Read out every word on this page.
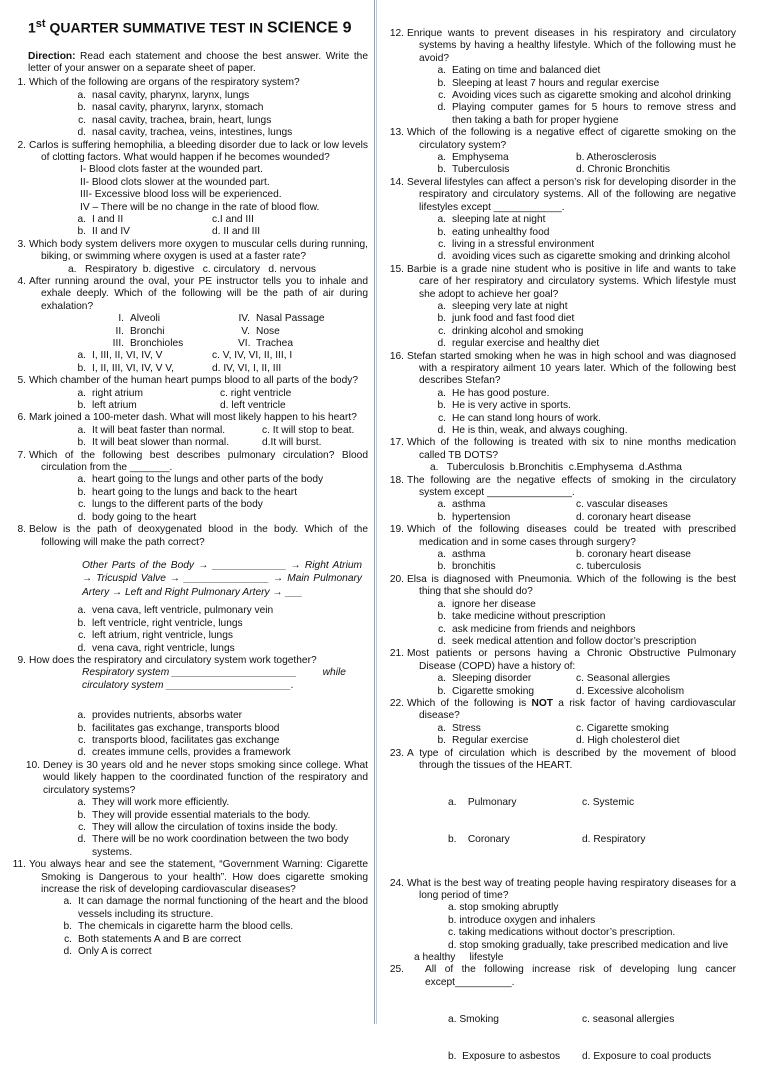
1st QUARTER SUMMATIVE TEST IN SCIENCE 9
Direction: Read each statement and choose the best answer. Write the letter of your answer on a separate sheet of paper.
1. Which of the following are organs of the respiratory system?
a. nasal cavity, pharynx, larynx, lungs
b. nasal cavity, pharynx, larynx, stomach
c. nasal cavity, trachea, brain, heart, lungs
d. nasal cavity, trachea, veins, intestines, lungs
2. Carlos is suffering hemophilia, a bleeding disorder due to lack or low levels of clotting factors. What would happen if he becomes wounded?
I- Blood clots faster at the wounded part.
II- Blood clots slower at the wounded part.
III- Excessive blood loss will be experienced.
IV – There will be no change in the rate of blood flow.
a. I and II	c.I and III
b. II and IV	d. II and III
3. Which body system delivers more oxygen to muscular cells during running, biking, or swimming where oxygen is used at a faster rate?
a.   Respiratory  b. digestive   c. circulatory   d. nervous
4. After running around the oval, your PE instructor tells you to inhale and exhale deeply. Which of the following will be the path of air during exhalation?
I. Alveoli	IV. Nasal Passage
II. Bronchi	V. Nose
III. Bronchioles	VI. Trachea
a. I, III, II, VI, IV, V	c. V, IV, VI, II, III, I
b. I, II, III, VI, IV, V V,	d. IV, VI, I, II, III
5. Which chamber of the human heart pumps blood to all parts of the body?
a. right atrium	c. right ventricle
b. left atrium	d. left ventricle
6. Mark joined a 100-meter dash. What will most likely happen to his heart?
a. It will beat faster than normal.	c. It will stop to beat.
b. It will beat slower than normal.	d.It will burst.
7. Which of the following best describes pulmonary circulation? Blood circulation from the _______.
a. heart going to the lungs and other parts of the body
b. heart going to the lungs and back to the heart
c. lungs to the different parts of the body
d. body going to the heart
8. Below is the path of deoxygenated blood in the body. Which of the following will make the path correct?
Other Parts of the Body → _____________ → Right Atrium → Tricuspid Valve → _______________ → Main Pulmonary Artery → Left and Right Pulmonary Artery → ___
a. vena cava, left ventricle, pulmonary vein
b. left ventricle, right ventricle, lungs
c. left atrium, right ventricle, lungs
d. vena cava, right ventricle, lungs
9. How does the respiratory and circulatory system work together?
Respiratory system ______________________	while
circulatory system ______________________.
a. provides nutrients, absorbs water
b. facilitates gas exchange, transports blood
c. transports blood, facilitates gas exchange
d. creates immune cells, provides a framework
10. Deney is 30 years old and he never stops smoking since college. What would likely happen to the coordinated function of the respiratory and circulatory systems?
a. They will work more efficiently.
b. They will provide essential materials to the body.
c. They will allow the circulation of toxins inside the body.
d. There will be no work coordination between the two body systems.
11. You always hear and see the statement, “Government Warning: Cigarette Smoking is Dangerous to your health”. How does cigarette smoking increase the risk of developing cardiovascular diseases?
a. It can damage the normal functioning of the heart and the blood vessels including its structure.
b. The chemicals in cigarette harm the blood cells.
c. Both statements A and B are correct
d. Only A is correct
12. Enrique wants to prevent diseases in his respiratory and circulatory systems by having a healthy lifestyle. Which of the following must he avoid?
a. Eating on time and balanced diet
b. Sleeping at least 7 hours and regular exercise
c. Avoiding vices such as cigarette smoking and alcohol drinking
d. Playing computer games for 5 hours to remove stress and then taking a bath for proper hygiene
13. Which of the following is a negative effect of cigarette smoking on the circulatory system?
a. Emphysema	b. Atherosclerosis
b. Tuberculosis	d. Chronic Bronchitis
14. Several lifestyles can affect a person’s risk for developing disorder in the respiratory and circulatory systems. All of the following are negative lifestyles except ____________.
a. sleeping late at night
b. eating unhealthy food
c. living in a stressful environment
d. avoiding vices such as cigarette smoking and drinking alcohol
15. Barbie is a grade nine student who is positive in life and wants to take care of her respiratory and circulatory systems. Which lifestyle must she adopt to achieve her goal?
a. sleeping very late at night
b. junk food and fast food diet
c. drinking alcohol and smoking
d. regular exercise and healthy diet
16. Stefan started smoking when he was in high school and was diagnosed with a respiratory ailment 10 years later. Which of the following best describes Stefan?
a. He has good posture.
b. He is very active in sports.
c. He can stand long hours of work.
d. He is thin, weak, and always coughing.
17. Which of the following is treated with six to nine months medication called TB DOTS?
a.   Tuberculosis  b.Bronchitis  c.Emphysema  d.Asthma
18. The following are the negative effects of smoking in the circulatory system except _______________.
a. asthma	c. vascular diseases
b. hypertension	d. coronary heart disease
19. Which of the following diseases could be treated with prescribed medication and in some cases through surgery?
a. asthma	b. coronary heart disease
b. bronchitis	c. tuberculosis
20. Elsa is diagnosed with Pneumonia. Which of the following is the best thing that she should do?
a. ignore her disease
b. take medicine without prescription
c. ask medicine from friends and neighbors
d. seek medical attention and follow doctor’s prescription
21. Most patients or persons having a Chronic Obstructive Pulmonary Disease (COPD) have a history of:
a. Sleeping disorder	c. Seasonal allergies
b. Cigarette smoking	d. Excessive alcoholism
22. Which of the following is NOT a risk factor of having cardiovascular disease?
a. Stress	c. Cigarette smoking
b. Regular exercise	d. High cholesterol diet
23. A type of circulation which is described by the movement of blood through the tissues of the HEART.

a.    Pulmonary	c. Systemic

b.    Coronary	d. Respiratory

24. What is the best way of treating people having respiratory diseases for a long period of time?
a. stop smoking abruptly
b. introduce oxygen and inhalers
c. taking medications without doctor’s prescription.
d. stop smoking gradually, take prescribed medication and live
a healthy     lifestyle
25.	All of the following increase risk of developing lung cancer except__________.

a. Smoking	c. seasonal allergies

b.  Exposure to asbestos	d. Exposure to coal products
